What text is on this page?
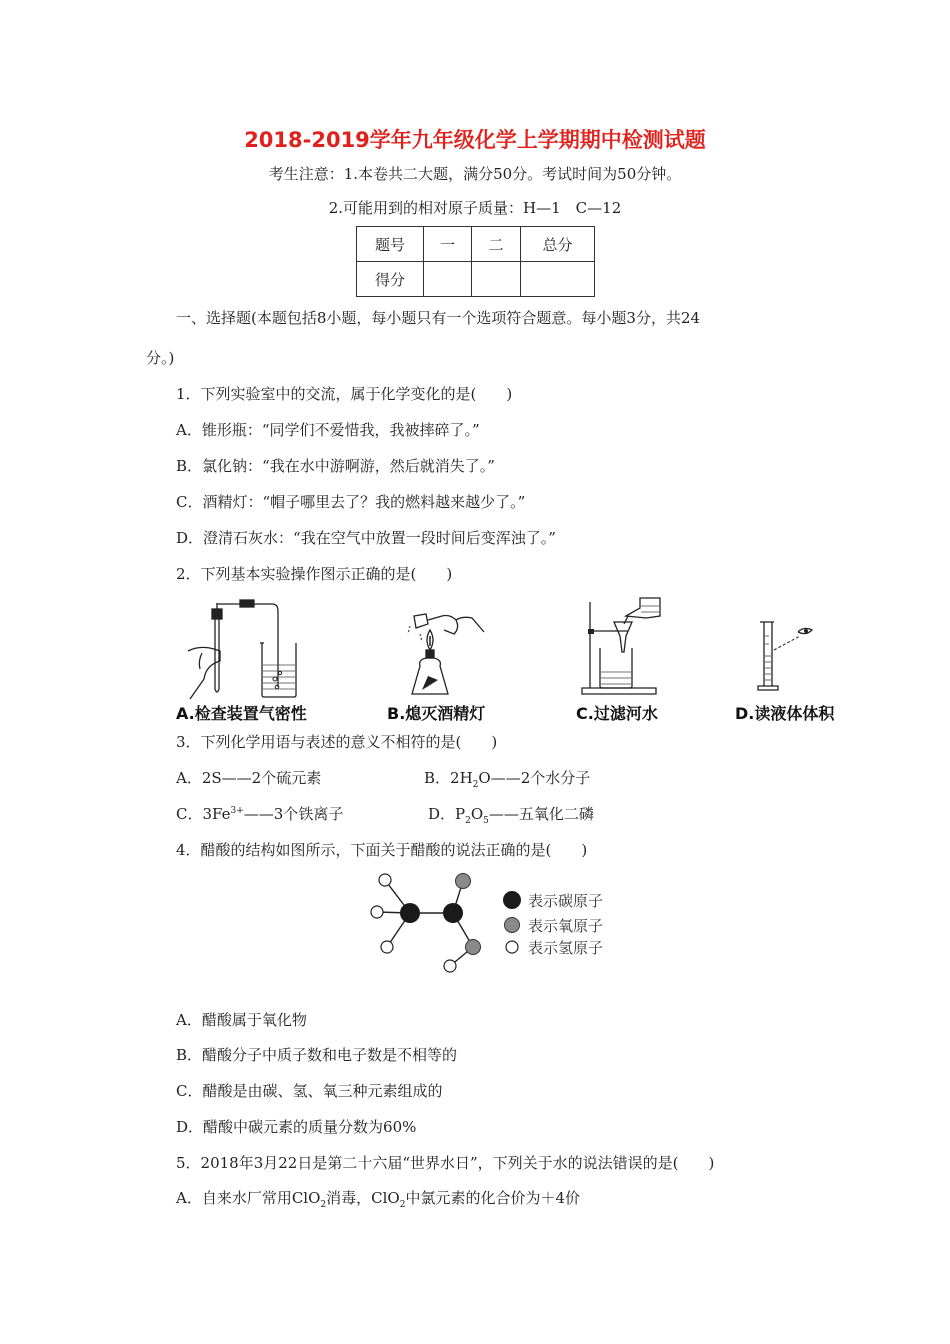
2018-2019学年九年级化学上学期期中检测试题
考生注意：1.本卷共二大题，满分50分。考试时间为50分钟。
2.可能用到的相对原子质量：H—1　C—12
题号	一	二	总分
得分			
一、选择题(本题包括8小题，每小题只有一个选项符合题意。每小题3分，共24
分。)
1．下列实验室中的交流，属于化学变化的是(　　)
A．锥形瓶：“同学们不爱惜我，我被摔碎了。”
B．氯化钠：“我在水中游啊游，然后就消失了。”
C．酒精灯：“帽子哪里去了？我的燃料越来越少了。”
D．澄清石灰水：“我在空气中放置一段时间后变浑浊了。”
2．下列基本实验操作图示正确的是(　　)
A.检查装置气密性	B.熄灭酒精灯	C.过滤河水	D.读液体体积
3．下列化学用语与表述的意义不相符的是(　　)
A．2S——2个硫元素	B．$2H_2O——2$个水分子
C．$3Fe^{3+}——3$个铁离子	D．$P_2O_5——$五氧化二磷
4．醋酸的结构如图所示，下面关于醋酸的说法正确的是(　　)
表示碳原子
表示氧原子
表示氢原子
A．醋酸属于氧化物
B．醋酸分子中质子数和电子数是不相等的
C．醋酸是由碳、氢、氧三种元素组成的
D．醋酸中碳元素的质量分数为60%
5．2018年3月22日是第二十六届“世界水日”，下列关于水的说法错误的是(　　)
A．自来水厂常用ClO$_2$消毒，ClO$_2$中氯元素的化合价为＋4价
